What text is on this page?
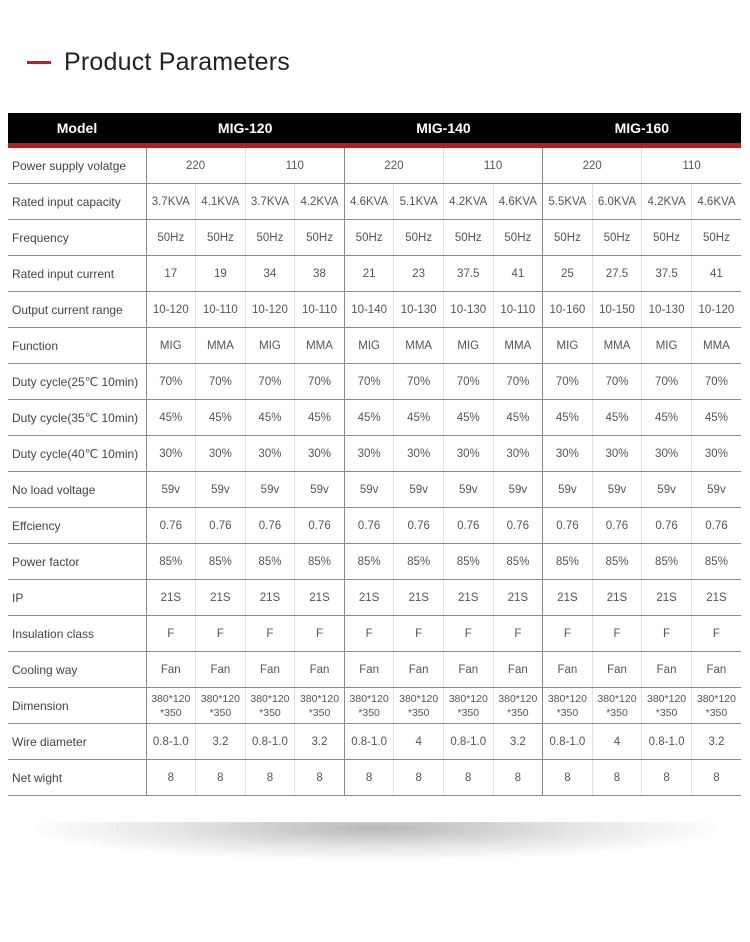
Product Parameters
Model	MIG-120				MIG-140				MIG-160			
Power supply volatge	220		110		220		110		220		110	
Rated input capacity	3.7KVA	4.1KVA	3.7KVA	4.2KVA	4.6KVA	5.1KVA	4.2KVA	4.6KVA	5.5KVA	6.0KVA	4.2KVA	4.6KVA
Frequency	50Hz	50Hz	50Hz	50Hz	50Hz	50Hz	50Hz	50Hz	50Hz	50Hz	50Hz	50Hz
Rated input current	17	19	34	38	21	23	37.5	41	25	27.5	37.5	41
Output current range	10-120	10-110	10-120	10-110	10-140	10-130	10-130	10-110	10-160	10-150	10-130	10-120
Function	MIG	MMA	MIG	MMA	MIG	MMA	MIG	MMA	MIG	MMA	MIG	MMA
Duty cycle(25℃ 10min)	70%	70%	70%	70%	70%	70%	70%	70%	70%	70%	70%	70%
Duty cycle(35℃ 10min)	45%	45%	45%	45%	45%	45%	45%	45%	45%	45%	45%	45%
Duty cycle(40℃ 10min)	30%	30%	30%	30%	30%	30%	30%	30%	30%	30%	30%	30%
No load voltage	59v	59v	59v	59v	59v	59v	59v	59v	59v	59v	59v	59v
Effciency	0.76	0.76	0.76	0.76	0.76	0.76	0.76	0.76	0.76	0.76	0.76	0.76
Power factor	85%	85%	85%	85%	85%	85%	85%	85%	85%	85%	85%	85%
IP	21S	21S	21S	21S	21S	21S	21S	21S	21S	21S	21S	21S
Insulation class	F	F	F	F	F	F	F	F	F	F	F	F
Cooling way	Fan	Fan	Fan	Fan	Fan	Fan	Fan	Fan	Fan	Fan	Fan	Fan
Dimension	380*120 *350	380*120 *350	380*120 *350	380*120 *350	380*120 *350	380*120 *350	380*120 *350	380*120 *350	380*120 *350	380*120 *350	380*120 *350	380*120 *350
Wire diameter	0.8-1.0	3.2	0.8-1.0	3.2	0.8-1.0	4	0.8-1.0	3.2	0.8-1.0	4	0.8-1.0	3.2
Net wight	8	8	8	8	8	8	8	8	8	8	8	8
